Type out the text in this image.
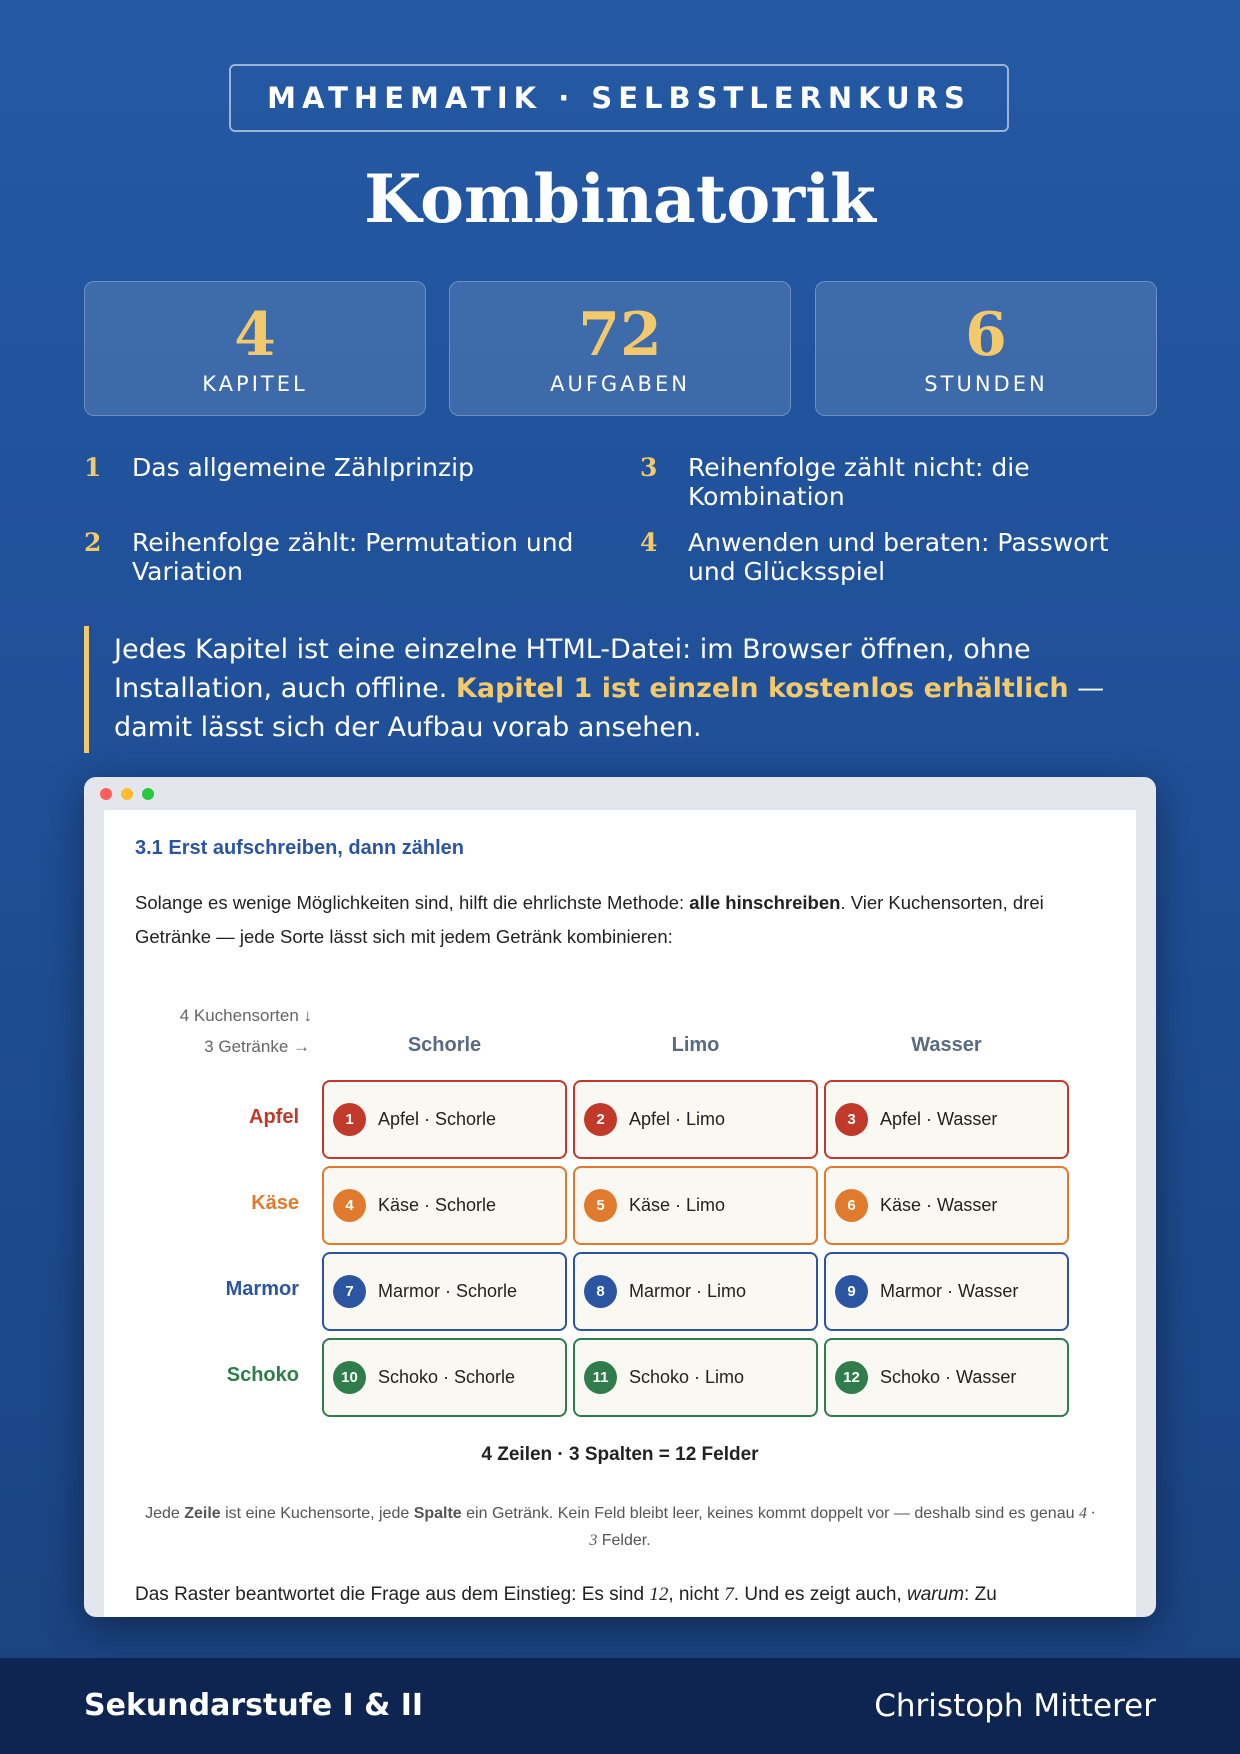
MATHEMATIK · SELBSTLERNKURS
Kombinatorik
4
KAPITEL
72
AUFGABEN
6
STUNDEN
1	Das allgemeine Zählprinzip
2	Reihenfolge zählt: Permutation und Variation
3	Reihenfolge zählt nicht: die Kombination
4	Anwenden und beraten: Passwort und Glücksspiel
Jedes Kapitel ist eine einzelne HTML-Datei: im Browser öffnen, ohne Installation, auch offline. Kapitel 1 ist einzeln kostenlos erhältlich — damit lässt sich der Aufbau vorab ansehen.
3.1 Erst aufschreiben, dann zählen
Solange es wenige Möglichkeiten sind, hilft die ehrlichste Methode: alle hinschreiben. Vier Kuchensorten, drei Getränke — jede Sorte lässt sich mit jedem Getränk kombinieren:
4 Kuchensorten ↓
3 Getränke →	Schorle	Limo	Wasser
Apfel	1	Apfel · Schorle	2	Apfel · Limo	3	Apfel · Wasser
Käse	4	Käse · Schorle	5	Käse · Limo	6	Käse · Wasser
Marmor	7	Marmor · Schorle	8	Marmor · Limo	9	Marmor · Wasser
Schoko	10	Schoko · Schorle	11	Schoko · Limo	12	Schoko · Wasser
4 Zeilen · 3 Spalten = 12 Felder
Jede Zeile ist eine Kuchensorte, jede Spalte ein Getränk. Kein Feld bleibt leer, keines kommt doppelt vor — deshalb sind es genau 4 · 3 Felder.
Das Raster beantwortet die Frage aus dem Einstieg: Es sind 12, nicht 7. Und es zeigt auch, warum: Zu
Sekundarstufe I & II	Christoph Mitterer
